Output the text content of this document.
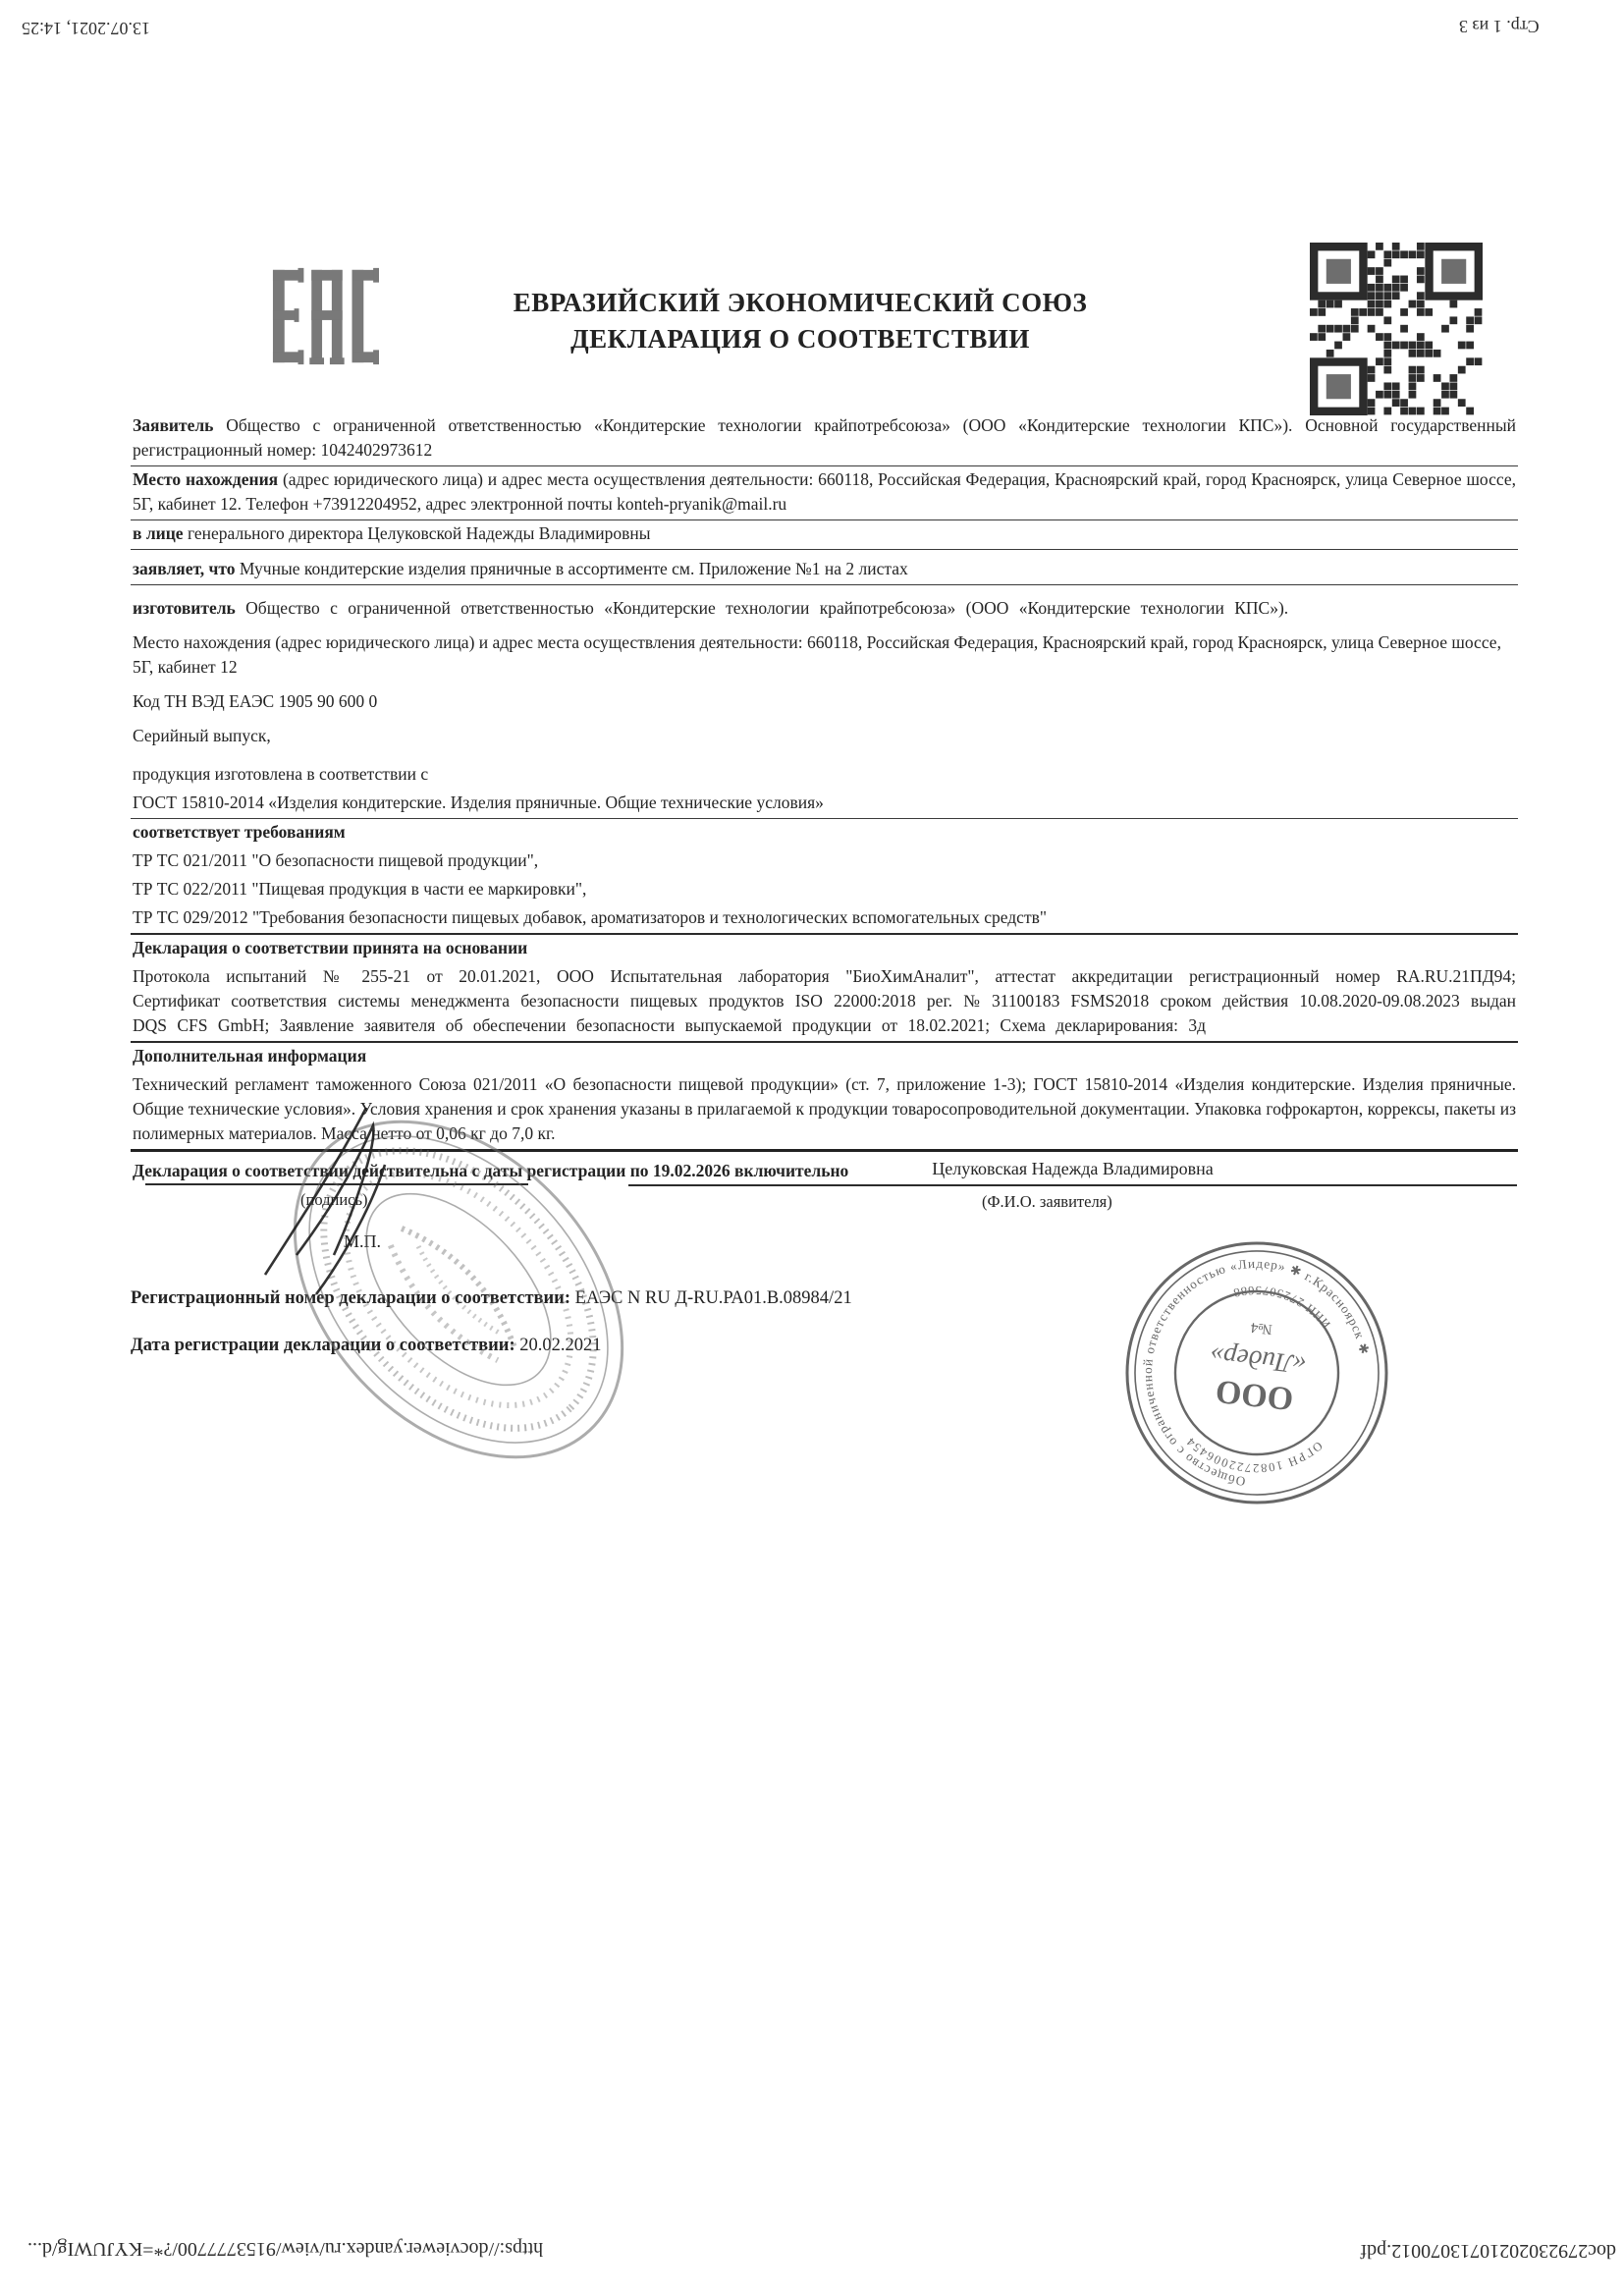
13.07.2021, 14:25	Стр. 1 из 3
ЕВРАЗИЙСКИЙ ЭКОНОМИЧЕСКИЙ СОЮЗ
ДЕКЛАРАЦИЯ О СООТВЕТСТВИИ
Заявитель Общество с ограниченной ответственностью «Кондитерские технологии крайпотребсоюза» (ООО «Кондитерские технологии КПС»). Основной государственный регистрационный номер: 1042402973612
Место нахождения (адрес юридического лица) и адрес места осуществления деятельности: 660118, Российская Федерация, Красноярский край, город Красноярск, улица Северное шоссе, 5Г, кабинет 12. Телефон +73912204952, адрес электронной почты konteh-pryanik@mail.ru
в лице генерального директора Целуковской Надежды Владимировны
заявляет, что Мучные кондитерские изделия пряничные в ассортименте см. Приложение №1 на 2 листах
изготовитель Общество с ограниченной ответственностью «Кондитерские технологии крайпотребсоюза» (ООО «Кондитерские технологии КПС»).
Место нахождения (адрес юридического лица) и адрес места осуществления деятельности: 660118, Российская Федерация, Красноярский край, город Красноярск, улица Северное шоссе, 5Г, кабинет 12
Код ТН ВЭД ЕАЭС 1905 90 600 0
Серийный выпуск,
продукция изготовлена в соответствии с
ГОСТ 15810-2014 «Изделия кондитерские. Изделия пряничные. Общие технические условия»
соответствует требованиям
ТР ТС 021/2011 "О безопасности пищевой продукции",
ТР ТС 022/2011 "Пищевая продукция в части ее маркировки",
ТР ТС 029/2012 "Требования безопасности пищевых добавок, ароматизаторов и технологических вспомогательных средств"
Декларация о соответствии принята на основании
Протокола испытаний № 255-21 от 20.01.2021, ООО Испытательная лаборатория "БиоХимАналит", аттестат аккредитации регистрационный номер RA.RU.21ПД94; Сертификат соответствия системы менеджмента безопасности пищевых продуктов ISO 22000:2018 рег. № 31100183 FSMS2018 сроком действия 10.08.2020-09.08.2023 выдан DQS CFS GmbH; Заявление заявителя об обеспечении безопасности выпускаемой продукции от 18.02.2021; Схема декларирования: 3д
Дополнительная информация
Технический регламент таможенного Союза 021/2011 «О безопасности пищевой продукции» (ст. 7, приложение 1-3); ГОСТ 15810-2014 «Изделия кондитерские. Изделия пряничные. Общие технические условия». Условия хранения и срок хранения указаны в прилагаемой к продукции товаросопроводительной документации. Упаковка гофрокартон, коррексы, пакеты из полимерных материалов. Масса нетто от 0,06 кг до 7,0 кг.
Декларация о соответствии действительна с даты регистрации по 19.02.2026 включительно	Целуковская Надежда Владимировна
(подпись)	(Ф.И.О. заявителя)
М.П.
Регистрационный номер декларации о соответствии: ЕАЭС N RU Д-RU.РА01.В.08984/21
Дата регистрации декларации о соответствии: 20.02.2021
Общество с ограниченной ответственностью «Лидер» ✱ г.Красноярск ✱
ОГРН 1082722006454
ИНН 2725075688
ООО
«Лидер»
№4
https://docviewer.yandex.ru/view/9153777700/?*=KYJUWIg/d...	doc27923020210713070012.pdf
